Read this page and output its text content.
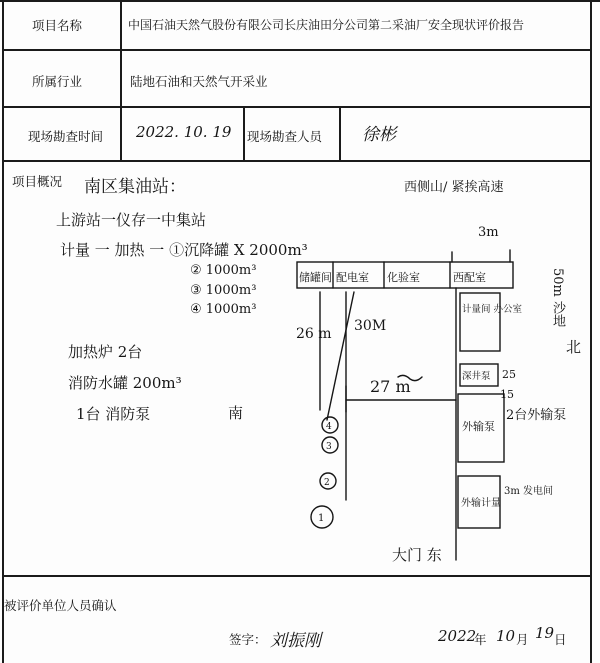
项目名称	中国石油天然气股份有限公司长庆油田分公司第二采油厂安全现状评价报告
所属行业	陆地石油和天然气开采业
现场勘查时间 2022. 10. 19 现场勘查人员 徐彬
项目概况
被评价单位人员确认
签字： 刘振刚	2022
年 10 月 19 日
南区集油站：	西侧山/ 紧挨高速
上游站一仪存一中集站
计量 一 加热 一 ①沉降罐 X 2000m³
② 1000m³
③ 1000m³
④ 1000m³
加热炉 2台
消防水罐 200m³
1台 消防泵	南
大门 东
50m 沙地
北
2台外输泵
3m
储罐间 配电室 化验室	西配室
计量间 办公室
深井泵
外输泵
外输计量
26 m 30M
27 m
25
15
3m 发电间
4
3
2
1
